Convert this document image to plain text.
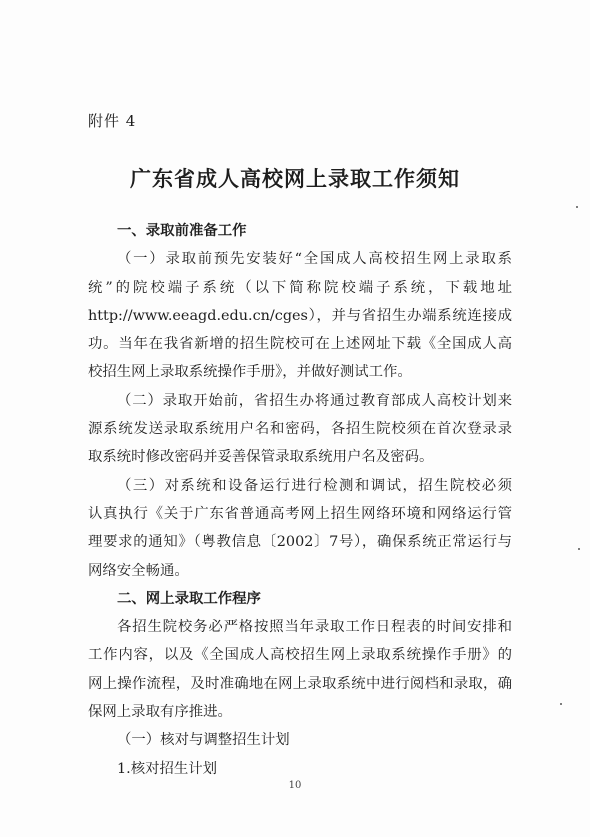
附件 4
广东省成人高校网上录取工作须知
一、录取前准备工作
（一）录取前预先安装好“全国成人高校招生网上录取系
统”的院校端子系统（以下简称院校端子系统，下载地址
http://www.eeagd.edu.cn/cges），并与省招生办端系统连接成
功。当年在我省新增的招生院校可在上述网址下载《全国成人高
校招生网上录取系统操作手册》，并做好测试工作。
（二）录取开始前，省招生办将通过教育部成人高校计划来
源系统发送录取系统用户名和密码，各招生院校须在首次登录录
取系统时修改密码并妥善保管录取系统用户名及密码。
（三）对系统和设备运行进行检测和调试，招生院校必须
认真执行《关于广东省普通高考网上招生网络环境和网络运行管
理要求的通知》（粤教信息〔2002〕7号），确保系统正常运行与
网络安全畅通。
二、网上录取工作程序
各招生院校务必严格按照当年录取工作日程表的时间安排和
工作内容，以及《全国成人高校招生网上录取系统操作手册》的
网上操作流程，及时准确地在网上录取系统中进行阅档和录取，确
保网上录取有序推进。
（一）核对与调整招生计划
1.核对招生计划
10
